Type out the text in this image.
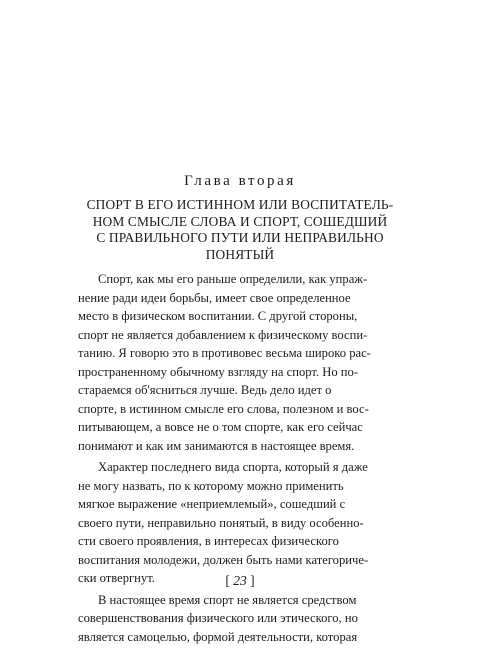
Глава вторая
СПОРТ В ЕГО ИСТИННОМ ИЛИ ВОСПИТАТЕЛЬ-
НОМ СМЫСЛЕ СЛОВА И СПОРТ, СОШЕДШИЙ
С ПРАВИЛЬНОГО ПУТИ ИЛИ НЕПРАВИЛЬНО
ПОНЯТЫЙ
Спорт, как мы его раньше определили, как упраж-
нение ради идеи борьбы, имеет свое определенное
место в физическом воспитании. С другой стороны,
спорт не является добавлением к физическому воспи-
танию. Я говорю это в противовес весьма широко рас-
пространенному обычному взгляду на спорт. Но по-
стараемся об'ясниться лучше. Ведь дело идет о
спорте, в истинном смысле его слова, полезном и вос-
питывающем, а вовсе не о том спорте, как его сейчас
понимают и как им занимаются в настоящее время.
Характер последнего вида спорта, который я даже
не могу назвать, по к которому можно применить
мягкое выражение «неприемлемый», сошедший с
своего пути, неправильно понятый, в виду особенно-
сти своего проявления, в интересах физического
воспитания молодежи, должен быть нами категориче-
ски отвергнут.
В настоящее время спорт не является средством
совершенствования физического или этического, но
является самоцелью, формой деятельности, которая
[ 23 ]
